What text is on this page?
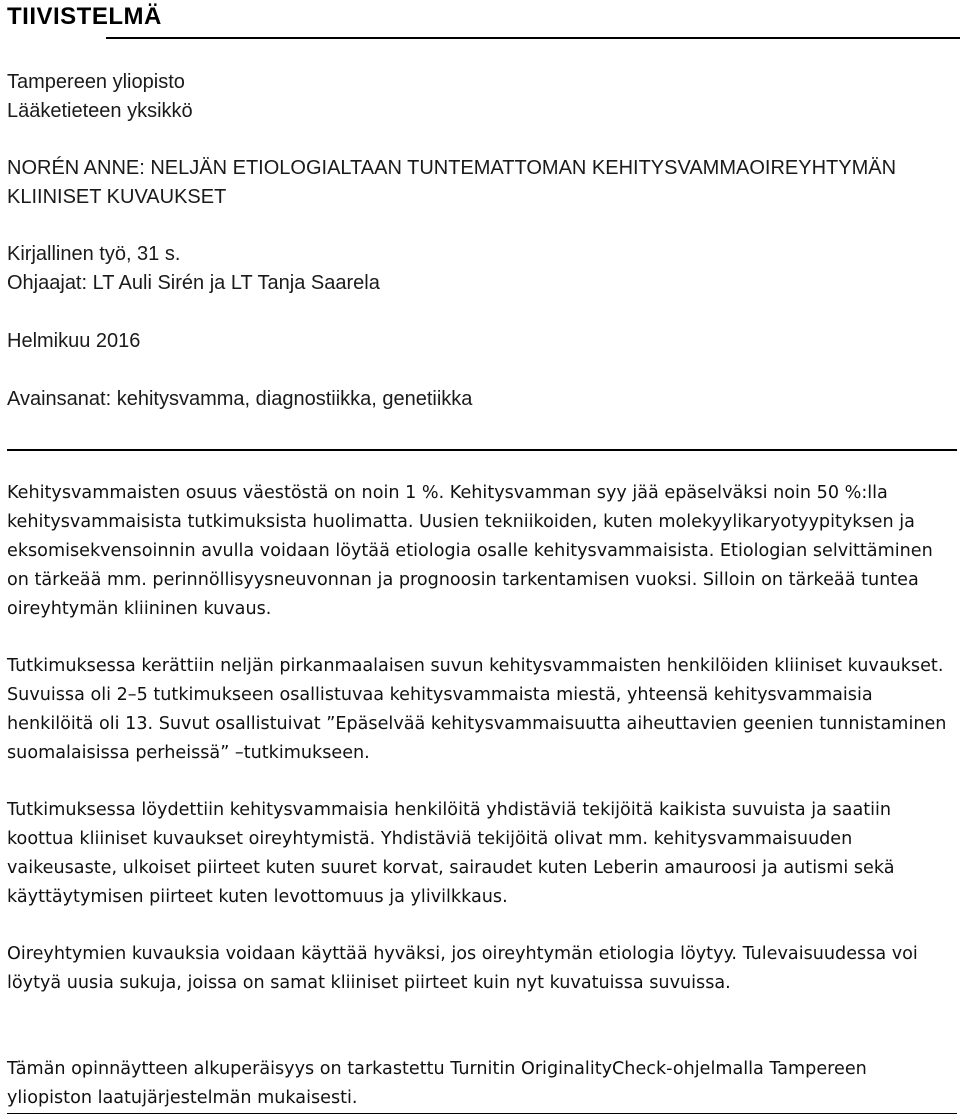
TIIVISTELMÄ
Tampereen yliopisto
Lääketieteen yksikkö
NORÉN ANNE: NELJÄN ETIOLOGIALTAAN TUNTEMATTOMAN KEHITYSVAMMAOIREYHTYMÄN
KLIINISET KUVAUKSET
Kirjallinen työ, 31 s.
Ohjaajat: LT Auli Sirén ja LT Tanja Saarela
Helmikuu 2016
Avainsanat: kehitysvamma, diagnostiikka, genetiikka

Kehitysvammaisten osuus väestöstä on noin 1 %. Kehitysvamman syy jää epäselväksi noin 50 %:lla kehitysvammaisista tutkimuksista huolimatta. Uusien tekniikoiden, kuten molekyylikaryotyypityksen ja eksomisekvensoinnin avulla voidaan löytää etiologia osalle kehitysvammaisista. Etiologian selvittäminen on tärkeää mm. perinnöllisyysneuvonnan ja prognoosin tarkentamisen vuoksi. Silloin on tärkeää tuntea oireyhtymän kliininen kuvaus.

Tutkimuksessa kerättiin neljän pirkanmaalaisen suvun kehitysvammaisten henkilöiden kliiniset kuvaukset. Suvuissa oli 2–5 tutkimukseen osallistuvaa kehitysvammaista miestä, yhteensä kehitysvammaisia henkilöitä oli 13. Suvut osallistuivat ”Epäselvää kehitysvammaisuutta aiheuttavien geenien tunnistaminen suomalaisissa perheissä” –tutkimukseen.

Tutkimuksessa löydettiin kehitysvammaisia henkilöitä yhdistäviä tekijöitä kaikista suvuista ja saatiin koottua kliiniset kuvaukset oireyhtymistä. Yhdistäviä tekijöitä olivat mm. kehitysvammaisuuden vaikeusaste, ulkoiset piirteet kuten suuret korvat, sairaudet kuten Leberin amauroosi ja autismi sekä käyttäytymisen piirteet kuten levottomuus ja ylivilkkaus.

Oireyhtymien kuvauksia voidaan käyttää hyväksi, jos oireyhtymän etiologia löytyy. Tulevaisuudessa voi löytyä uusia sukuja, joissa on samat kliiniset piirteet kuin nyt kuvatuissa suvuissa.

Tämän opinnäytteen alkuperäisyys on tarkastettu Turnitin OriginalityCheck-ohjelmalla Tampereen yliopiston laatujärjestelmän mukaisesti.
